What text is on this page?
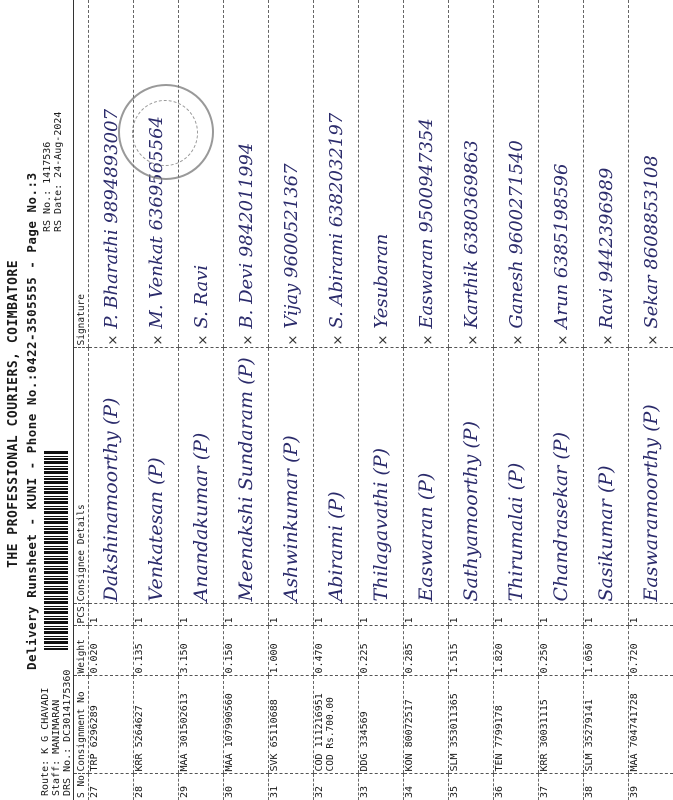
THE PROFESSIONAL COURIERS, COIMBATORE Delivery Runsheet - KUNI - Phone No.:0422-3505555 - Page No.:3
Route: K G CHAVADI Staff: MANIMARAN DRS No.: DC3014175360
RS No.: 1417536 RS Date: 24-Aug-2024
S No	Consignment No	Weight	PCS	Consignee Details	Signature
27	TRP 6296289	0.020	1	Dakshinamoorthy (P)	×P. Bharathi 9894893007
28	KRR 5264627	0.135	1	Venkatesan (P)	×M. Venkat 6369565564
29	MAA 301502613	3.150	1	Anandakumar (P)	×S. Ravi
30	MAA 107990560	0.150	1	Meenakshi Sundaram (P)	×B. Devi 9842011994
31	SVK 65110688	1.000	1	Ashwinkumar (P)	×Vijay 9600521367
32	COD 111216951 COD Rs.700.00	0.470	1	Abirami (P)	×S. Abirami 6382032197
33	DDG 334569	0.225	1	Thilagavathi (P)	×Yesubaran
34	KON 80072517	0.285	1	Easwaran (P)	×Easwaran 9500947354
35	SLM 353011365	1.515	1	Sathyamoorthy (P)	×Karthik 6380369863
36	TEN 7799178	1.820	1	Thirumalai (P)	×Ganesh 9600271540
37	KRR 30031115	0.250	1	Chandrasekar (P)	×Arun 6385198596
38	SLM 35279141	1.050	1	Sasikumar (P)	×Ravi 9442396989
39	MAA 704741728	0.720	1	Easwaramoorthy (P)	×Sekar 8608853108
